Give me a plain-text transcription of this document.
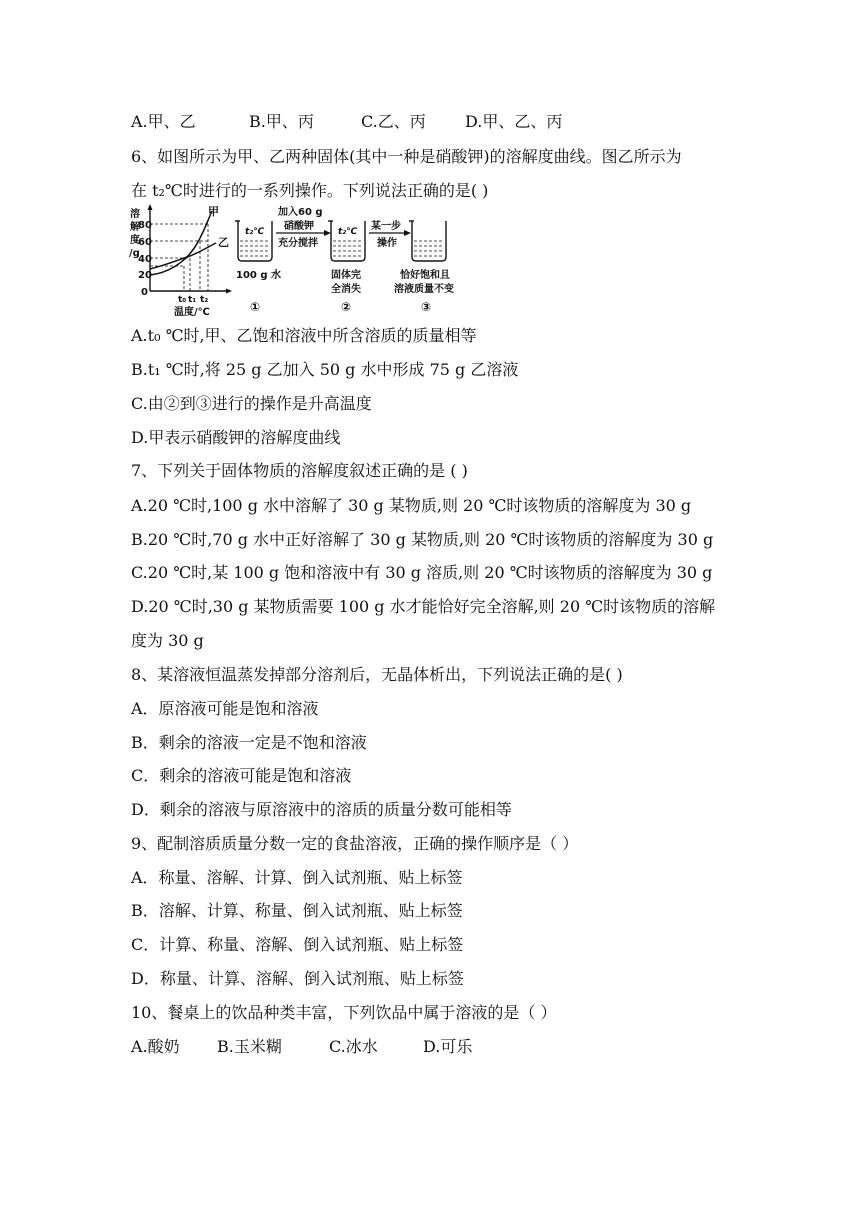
A.甲、乙	B.甲、丙	C.乙、丙 D.甲、乙、丙
6、如图所示为甲、乙两种固体(其中一种是硝酸钾)的溶解度曲线。图乙所示为
在 t₂℃时进行的一系列操作。下列说法正确的是( )
溶
解
度
/g
80
60
40
20
0
t₀ t₁ t₂
温度/℃
甲
乙
t₂℃
100 g 水
①
加入60 g
硝酸钾
充分搅拌
t₂℃
固体完
全消失
②
某一步
操作
恰好饱和且
溶液质量不变
③
A.t₀ ℃时,甲、乙饱和溶液中所含溶质的质量相等
B.t₁ ℃时,将 25 g 乙加入 50 g 水中形成 75 g 乙溶液
C.由②到③进行的操作是升高温度
D.甲表示硝酸钾的溶解度曲线
7、下列关于固体物质的溶解度叙述正确的是 ( )
A.20 ℃时,100 g 水中溶解了 30 g 某物质,则 20 ℃时该物质的溶解度为 30 g
B.20 ℃时,70 g 水中正好溶解了 30 g 某物质,则 20 ℃时该物质的溶解度为 30 g
C.20 ℃时,某 100 g 饱和溶液中有 30 g 溶质,则 20 ℃时该物质的溶解度为 30 g
D.20 ℃时,30 g 某物质需要 100 g 水才能恰好完全溶解,则 20 ℃时该物质的溶解
度为 30 g
8、某溶液恒温蒸发掉部分溶剂后，无晶体析出，下列说法正确的是( )
A．原溶液可能是饱和溶液
B．剩余的溶液一定是不饱和溶液
C．剩余的溶液可能是饱和溶液
D．剩余的溶液与原溶液中的溶质的质量分数可能相等
9、配制溶质质量分数一定的食盐溶液，正确的操作顺序是（ ）
A．称量、溶解、计算、倒入试剂瓶、贴上标签
B．溶解、计算、称量、倒入试剂瓶、贴上标签
C．计算、称量、溶解、倒入试剂瓶、贴上标签
D．称量、计算、溶解、倒入试剂瓶、贴上标签
10、餐桌上的饮品种类丰富，下列饮品中属于溶液的是（ ）
A.酸奶 B.玉米糊	C.冰水	D.可乐
